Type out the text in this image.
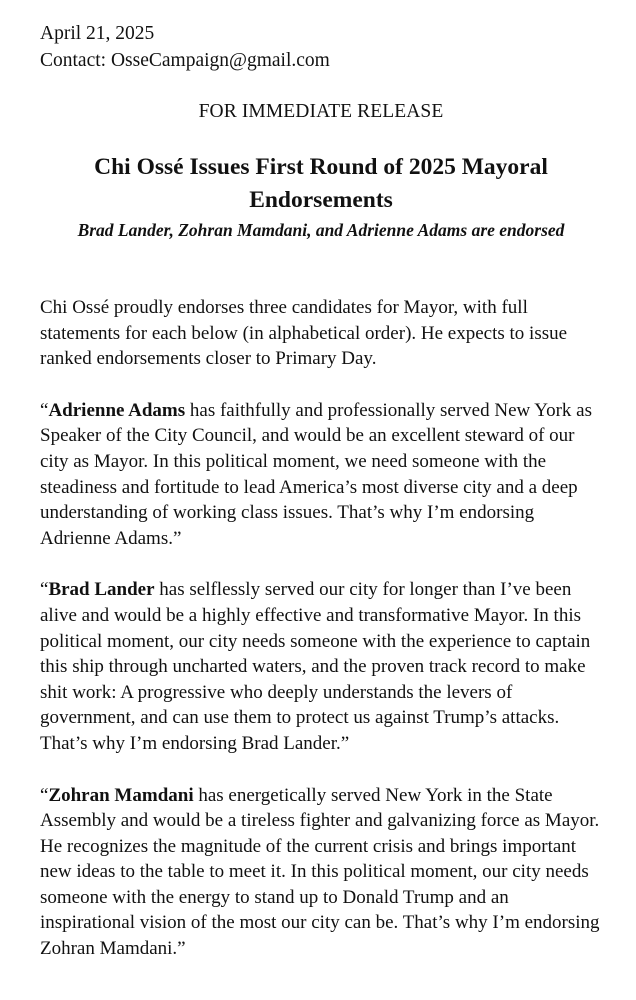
April 21, 2025

Contact: OsseCampaign@gmail.com

FOR IMMEDIATE RELEASE

Chi Ossé Issues First Round of 2025 Mayoral Endorsements

Brad Lander, Zohran Mamdani, and Adrienne Adams are endorsed

Chi Ossé proudly endorses three candidates for Mayor, with full statements for each below (in alphabetical order). He expects to issue ranked endorsements closer to Primary Day.

“Adrienne Adams has faithfully and professionally served New York as Speaker of the City Council, and would be an excellent steward of our city as Mayor. In this political moment, we need someone with the steadiness and fortitude to lead America’s most diverse city and a deep understanding of working class issues. That’s why I’m endorsing Adrienne Adams.”

“Brad Lander has selflessly served our city for longer than I’ve been alive and would be a highly effective and transformative Mayor. In this political moment, our city needs someone with the experience to captain this ship through uncharted waters, and the proven track record to make shit work: A progressive who deeply understands the levers of government, and can use them to protect us against Trump’s attacks. That’s why I’m endorsing Brad Lander.”

“Zohran Mamdani has energetically served New York in the State Assembly and would be a tireless fighter and galvanizing force as Mayor. He recognizes the magnitude of the current crisis and brings important new ideas to the table to meet it. In this political moment, our city needs someone with the energy to stand up to Donald Trump and an inspirational vision of the most our city can be. That’s why I’m endorsing Zohran Mamdani.”
